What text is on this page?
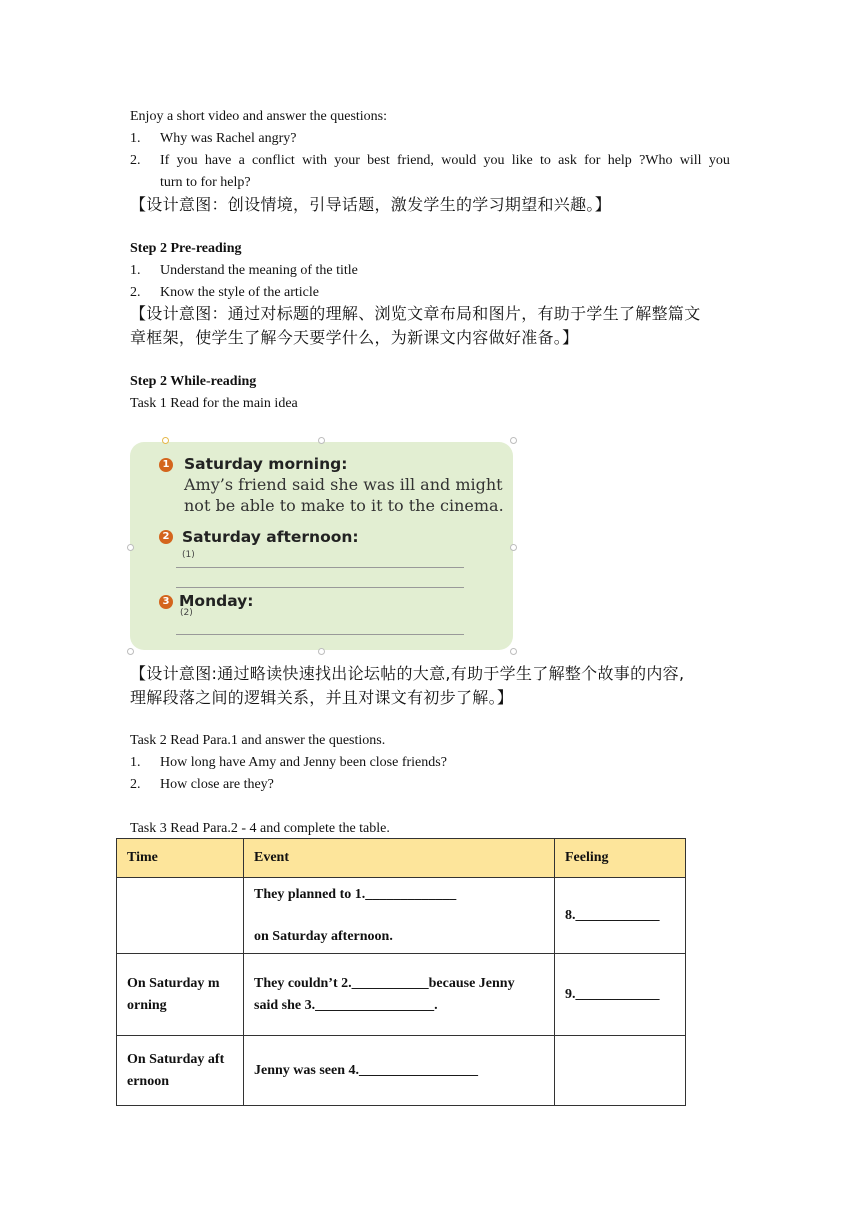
Enjoy a short video and answer the questions:
1. Why was Rachel angry?
2. If you have a conflict with your best friend, would you like to ask for help ?Who will you
turn to for help?
【设计意图：创设情境，引导话题，激发学生的学习期望和兴趣。】
Step 2 Pre-reading
1. Understand the meaning of the title
2. Know the style of the article
【设计意图：通过对标题的理解、浏览文章布局和图片，有助于学生了解整篇文
章框架，使学生了解今天要学什么，为新课文内容做好准备。】
Step 2 While-reading
Task 1 Read for the main idea
1 Saturday morning:
Amy’s friend said she was ill and might
not be able to make to it to the cinema.
2 Saturday afternoon:
(1)
3 Monday:
(2)
【设计意图:通过略读快速找出论坛帖的大意,有助于学生了解整个故事的内容,
理解段落之间的逻辑关系，并且对课文有初步了解。】
Task 2 Read Para.1 and answer the questions.
1. How long have Amy and Jenny been close friends?
2. How close are they?
Task 3 Read Para.2 - 4 and complete the table.
Time	Event	Feeling

	They planned to 1._____________
on Saturday afternoon.	8.____________

On Saturday m
orning	They couldn’t 2.___________because Jenny
said she 3._________________.	9.____________

On Saturday aft
ernoon	Jenny was seen 4._________________	
